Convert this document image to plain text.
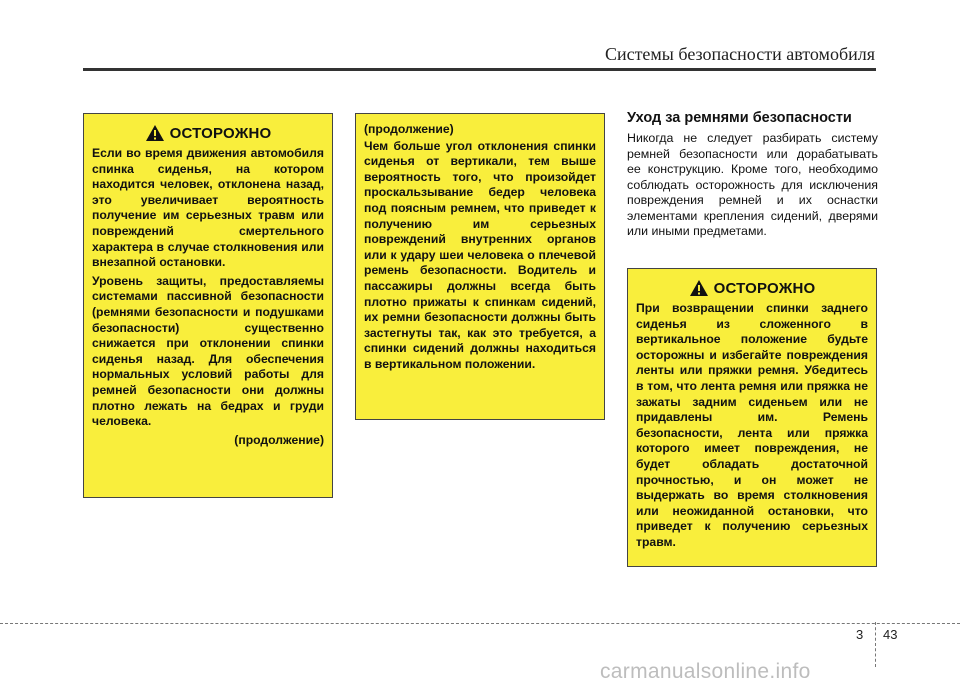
Системы безопасности автомобиля
ОСТОРОЖНО

Если во время движения автомобиля спинка сиденья, на котором находится человек, отклонена назад, это увеличивает вероятность получение им серьезных травм или повреждений смертельного характера в случае столкновения или внезапной остановки.

Уровень защиты, предоставляемы системами пассивной безопасности (ремнями безопасности и подушками безопасности) существенно снижается при отклонении спинки сиденья назад. Для обеспечения нормальных условий работы для ремней безопасности они должны плотно лежать на бедрах и груди человека.

(продолжение)
(продолжение)

Чем больше угол отклонения спинки сиденья от вертикали, тем выше вероятность того, что произойдет проскальзывание бедер человека под поясным ремнем, что приведет к получению им серьезных повреждений внутренних органов или к удару шеи человека о плечевой ремень безопасности. Водитель и пассажиры должны всегда быть плотно прижаты к спинкам сидений, их ремни безопасности должны быть застегнуты так, как это требуется, а спинки сидений должны находиться в вертикальном положении.

Уход за ремнями безопасности
Никогда не следует разбирать систему ремней безопасности или дорабатывать ее конструкцию. Кроме того, необходимо соблюдать осторожность для исключения повреждения ремней и их оснастки элементами крепления сидений, дверями или иными предметами.
ОСТОРОЖНО

При возвращении спинки заднего сиденья из сложенного в вертикальное положение будьте осторожны и избегайте повреждения ленты или пряжки ремня. Убедитесь в том, что лента ремня или пряжка не зажаты задним сиденьем или не придавлены им. Ремень безопасности, лента или пряжка которого имеет повреждения, не будет обладать достаточной прочностью, и он может не выдержать во время столкновения или неожиданной остановки, что приведет к получению серьезных травм.

3 43
carmanualsonline.info
